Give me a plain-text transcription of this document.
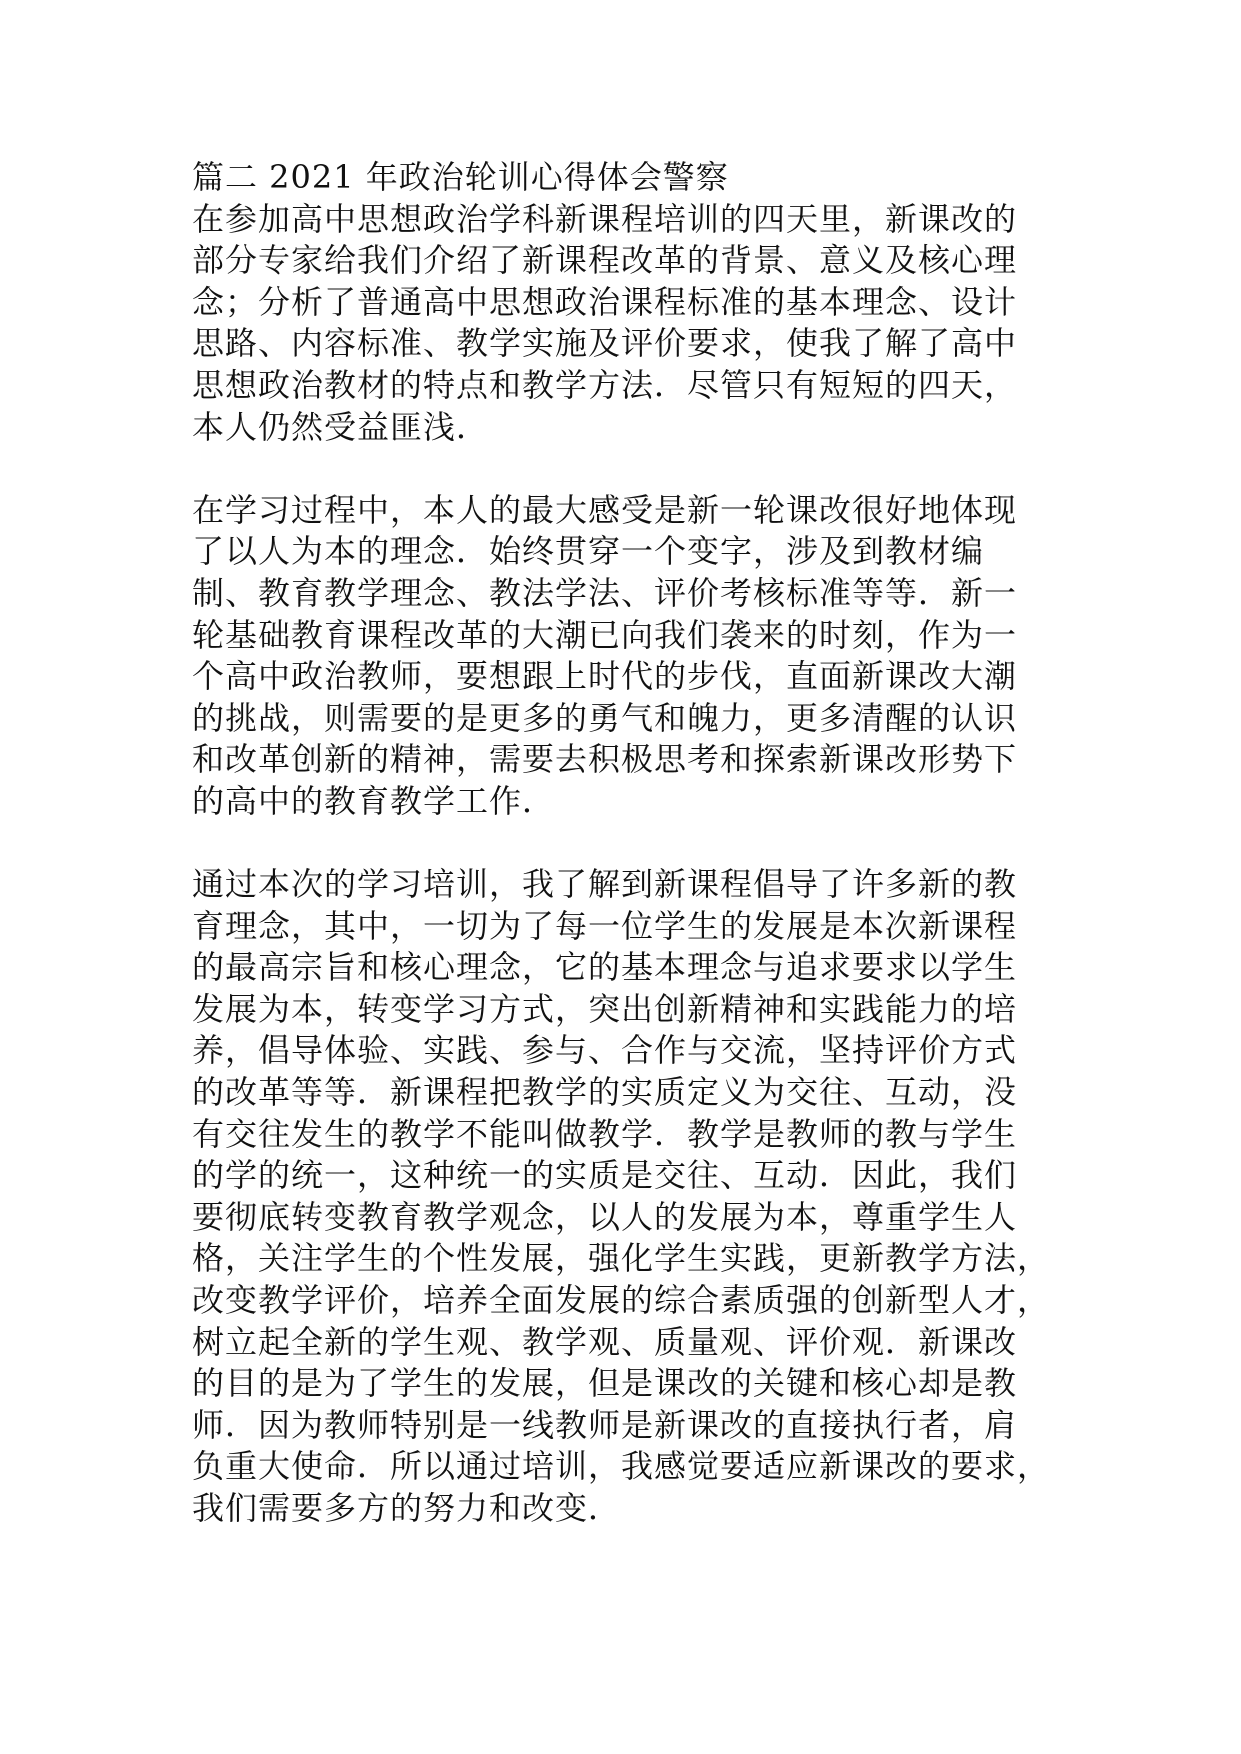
篇二 2021 年政治轮训心得体会警察
在参加高中思想政治学科新课程培训的四天里，新课改的
部分专家给我们介绍了新课程改革的背景、意义及核心理
念；分析了普通高中思想政治课程标准的基本理念、设计
思路、内容标准、教学实施及评价要求，使我了解了高中
思想政治教材的特点和教学方法．尽管只有短短的四天，
本人仍然受益匪浅．
在学习过程中，本人的最大感受是新一轮课改很好地体现
了以人为本的理念．始终贯穿一个变字，涉及到教材编
制、教育教学理念、教法学法、评价考核标准等等．新一
轮基础教育课程改革的大潮已向我们袭来的时刻，作为一
个高中政治教师，要想跟上时代的步伐，直面新课改大潮
的挑战，则需要的是更多的勇气和魄力，更多清醒的认识
和改革创新的精神，需要去积极思考和探索新课改形势下
的高中的教育教学工作．
通过本次的学习培训，我了解到新课程倡导了许多新的教
育理念，其中，一切为了每一位学生的发展是本次新课程
的最高宗旨和核心理念，它的基本理念与追求要求以学生
发展为本，转变学习方式，突出创新精神和实践能力的培
养，倡导体验、实践、参与、合作与交流，坚持评价方式
的改革等等．新课程把教学的实质定义为交往、互动，没
有交往发生的教学不能叫做教学．教学是教师的教与学生
的学的统一，这种统一的实质是交往、互动．因此，我们
要彻底转变教育教学观念，以人的发展为本，尊重学生人
格，关注学生的个性发展，强化学生实践，更新教学方法，
改变教学评价，培养全面发展的综合素质强的创新型人才，
树立起全新的学生观、教学观、质量观、评价观．新课改
的目的是为了学生的发展，但是课改的关键和核心却是教
师．因为教师特别是一线教师是新课改的直接执行者，肩
负重大使命．所以通过培训，我感觉要适应新课改的要求，
我们需要多方的努力和改变．
